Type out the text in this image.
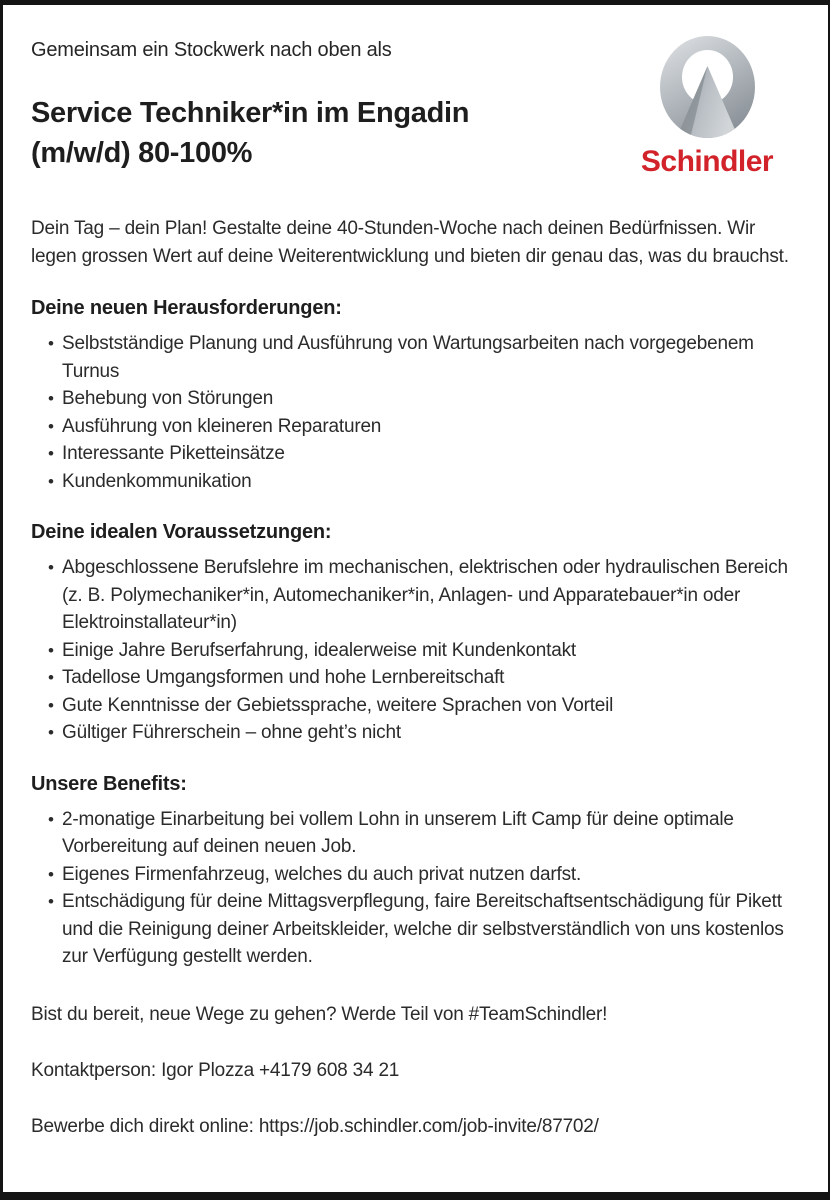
Gemeinsam ein Stockwerk nach oben als

Service Techniker*in im Engadin
(m/w/d) 80-100%	Schindler

Dein Tag – dein Plan! Gestalte deine 40-Stunden-Woche nach deinen Bedürfnissen. Wir legen grossen Wert auf deine Weiterentwicklung und bieten dir genau das, was du brauchst.

Deine neuen Herausforderungen:
• Selbstständige Planung und Ausführung von Wartungsarbeiten nach vorgegebenem Turnus
• Behebung von Störungen
• Ausführung von kleineren Reparaturen
• Interessante Piketteinsätze
• Kundenkommunikation
Deine idealen Voraussetzungen:
• Abgeschlossene Berufslehre im mechanischen, elektrischen oder hydraulischen Bereich (z. B. Polymechaniker*in, Automechaniker*in, Anlagen- und Apparatebauer*in oder Elektroinstallateur*in)
• Einige Jahre Berufserfahrung, idealerweise mit Kundenkontakt
• Tadellose Umgangsformen und hohe Lernbereitschaft
• Gute Kenntnisse der Gebietssprache, weitere Sprachen von Vorteil
• Gültiger Führerschein – ohne geht’s nicht
Unsere Benefits:
• 2-monatige Einarbeitung bei vollem Lohn in unserem Lift Camp für deine optimale Vorbereitung auf deinen neuen Job.
• Eigenes Firmenfahrzeug, welches du auch privat nutzen darfst.
• Entschädigung für deine Mittagsverpflegung, faire Bereitschaftsentschädigung für Pikett und die Reinigung deiner Arbeitskleider, welche dir selbstverständlich von uns kostenlos zur Verfügung gestellt werden.

Bist du bereit, neue Wege zu gehen? Werde Teil von #TeamSchindler!

Kontaktperson: Igor Plozza +4179 608 34 21

Bewerbe dich direkt online: https://job.schindler.com/job-invite/87702/
